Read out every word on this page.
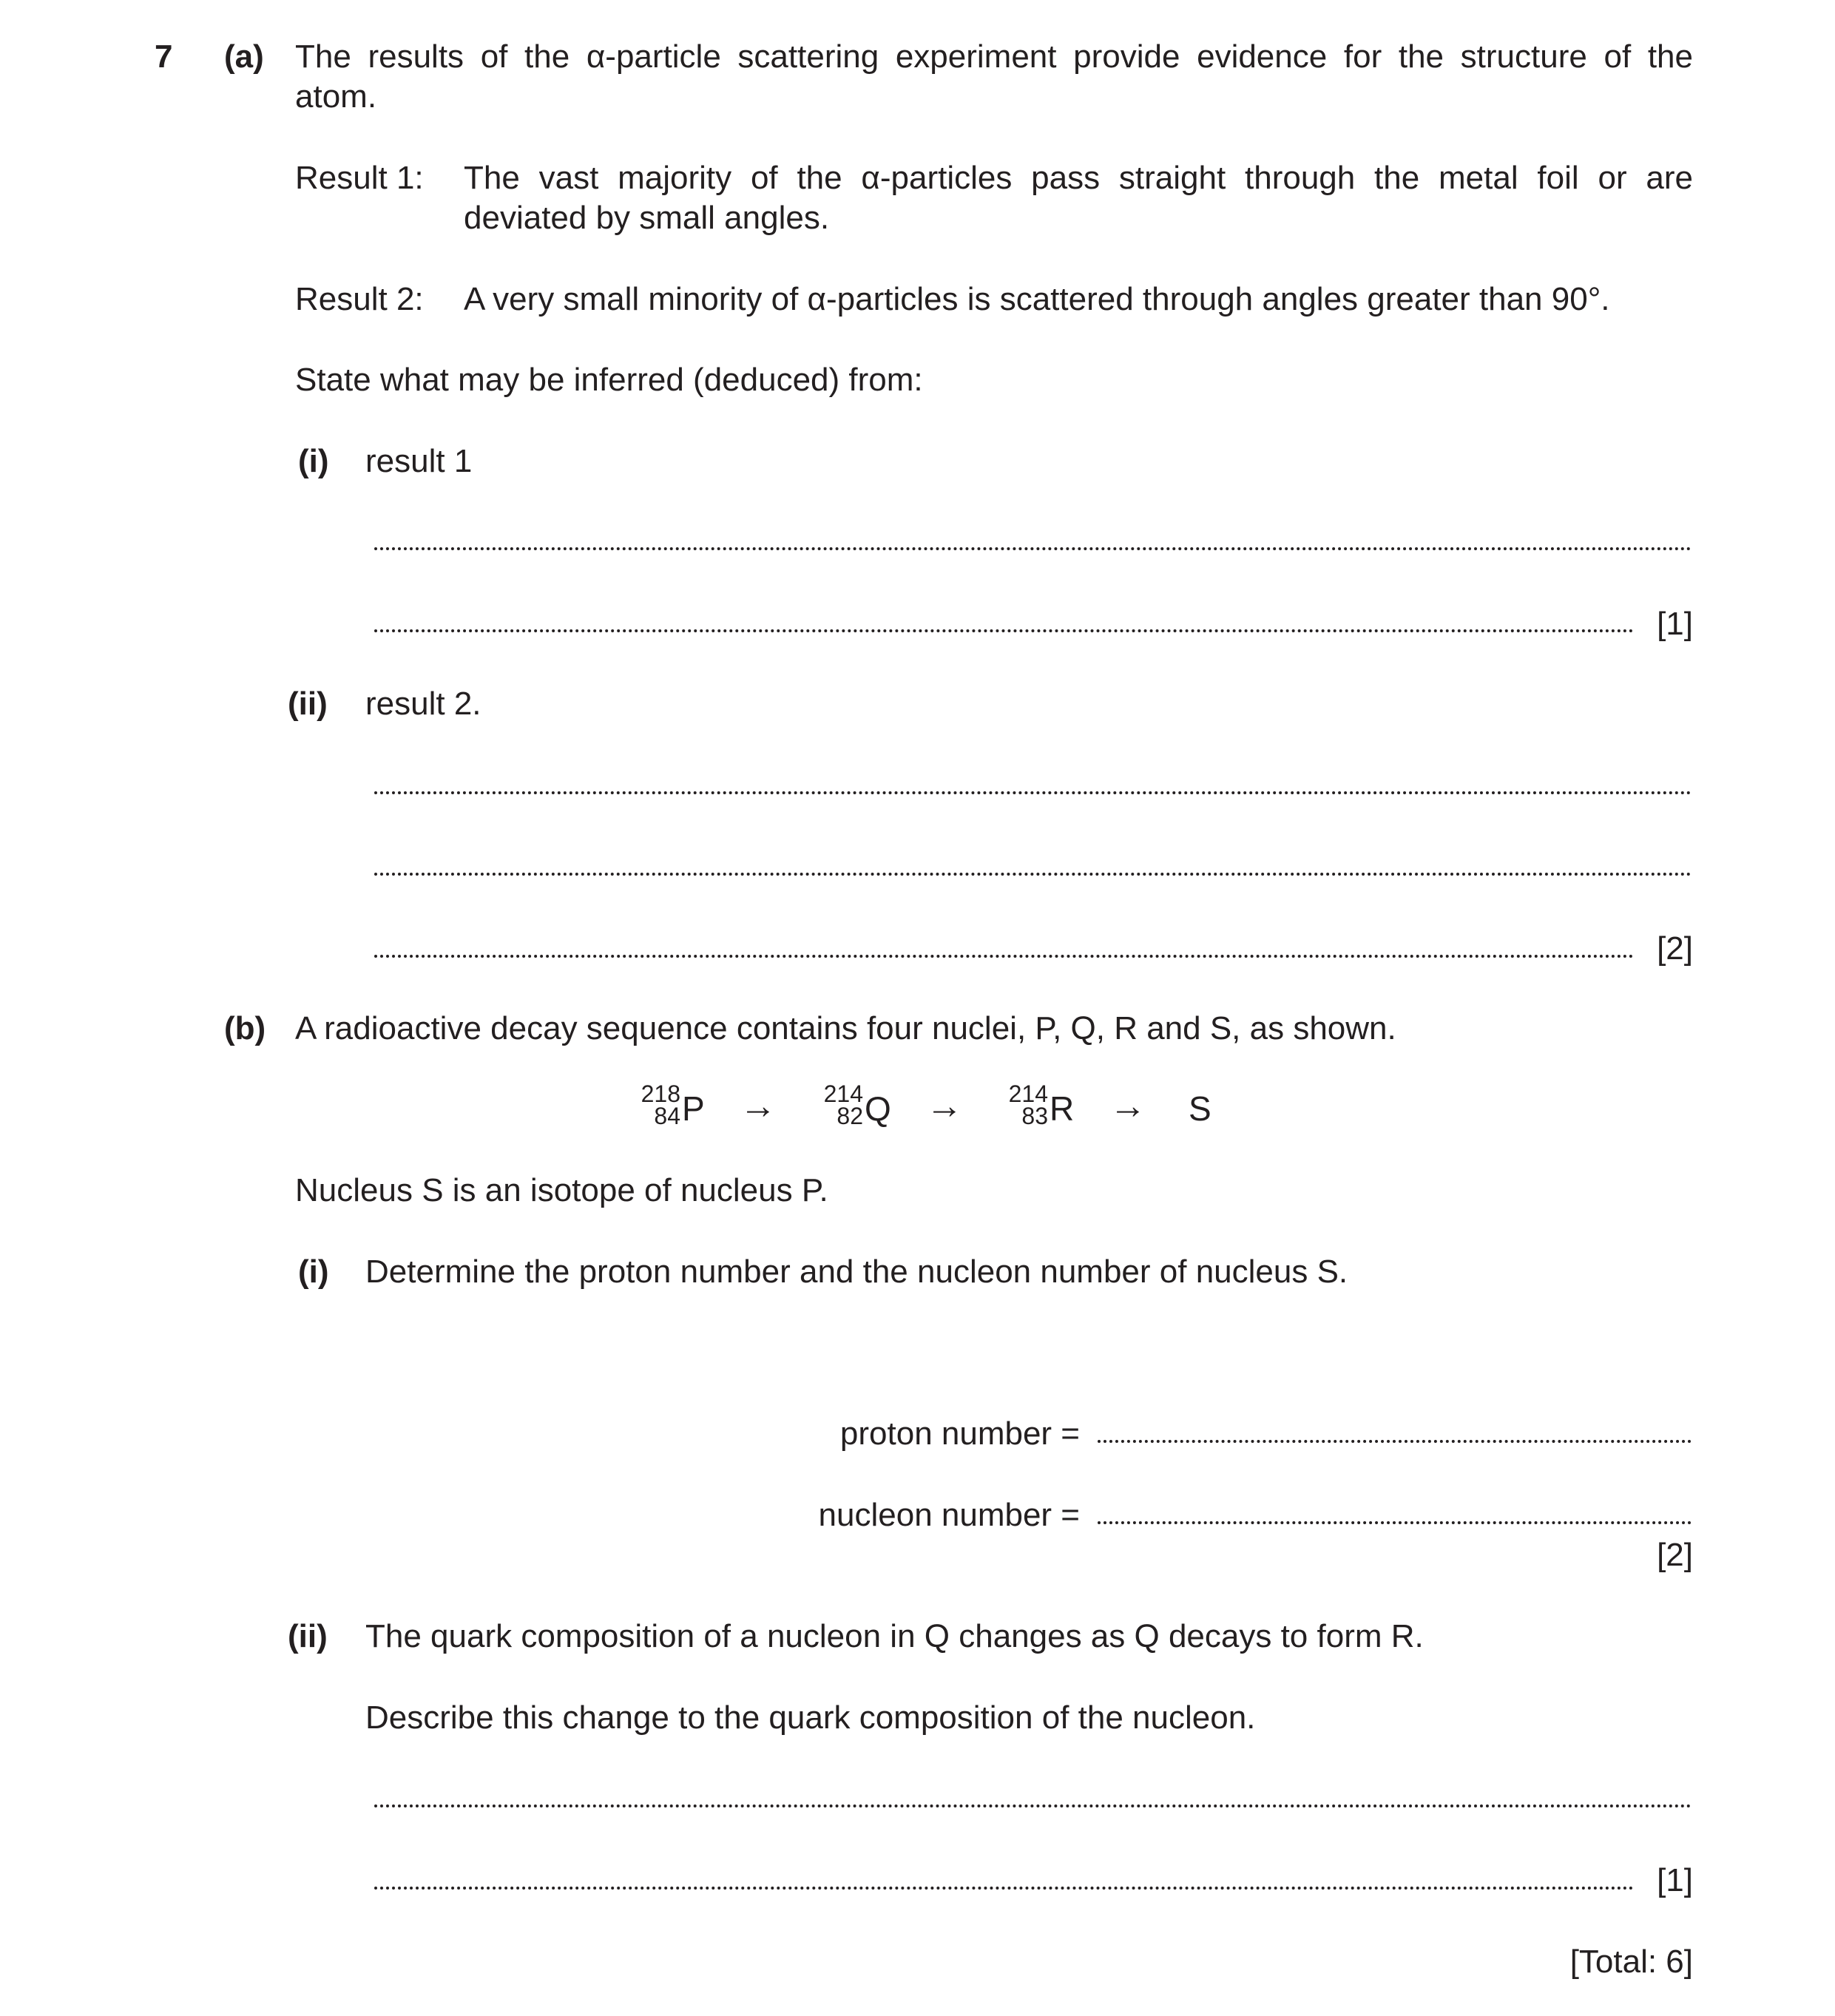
7 (a) The results of the α-particle scattering experiment provide evidence for the structure of the
atom.
Result 1: The vast majority of the α-particles pass straight through the metal foil or are
deviated by small angles.
Result 2: A very small minority of α-particles is scattered through angles greater than 90°.
State what may be inferred (deduced) from:
(i) result 1
[1]
(ii) result 2.
[2]
(b) A radioactive decay sequence contains four nuclei, P, Q, R and S, as shown.
218
84 P → 214
82 Q → 214
83 R → S
Nucleus S is an isotope of nucleus P.
(i) Determine the proton number and the nucleon number of nucleus S.
proton number =
nucleon number =
[2]
(ii) The quark composition of a nucleon in Q changes as Q decays to form R.
Describe this change to the quark composition of the nucleon.
[1]
[Total: 6]
